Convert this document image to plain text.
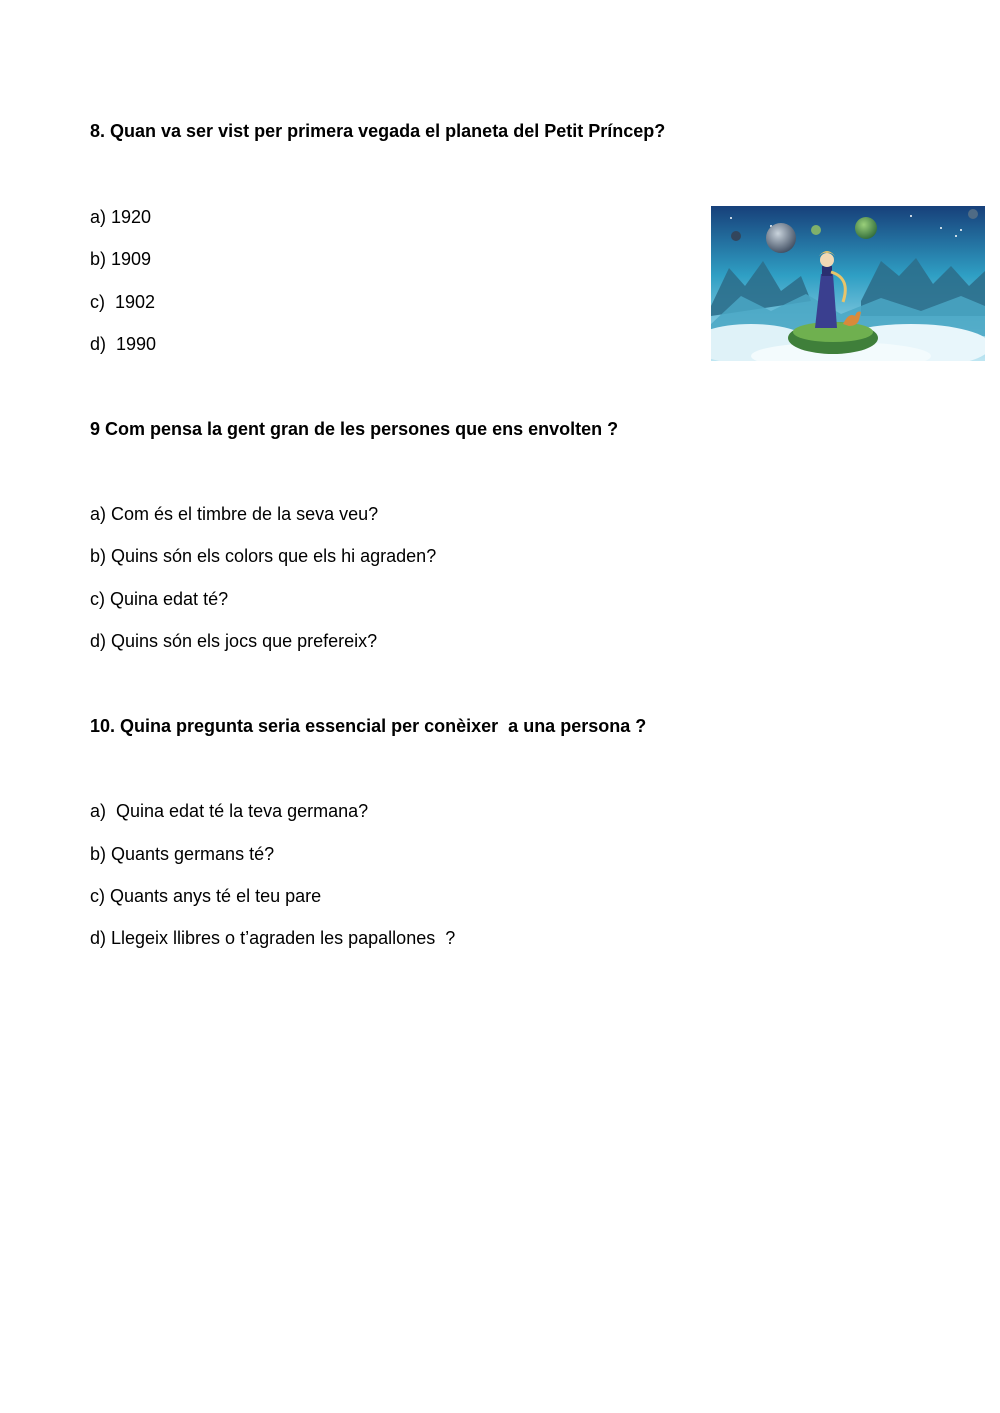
8. Quan va ser vist per primera vegada el planeta del Petit Príncep?
a) 1920
b) 1909
c)  1902
d)  1990
9 Com pensa la gent gran de les persones que ens envolten ?
a) Com és el timbre de la seva veu?
b) Quins són els colors que els hi agraden?
c) Quina edat té?
d) Quins són els jocs que prefereix?
10. Quina pregunta seria essencial per conèixer  a una persona ?
a)  Quina edat té la teva germana?
b) Quants germans té?
c) Quants anys té el teu pare
d) Llegeix llibres o t’agraden les papallones  ?
